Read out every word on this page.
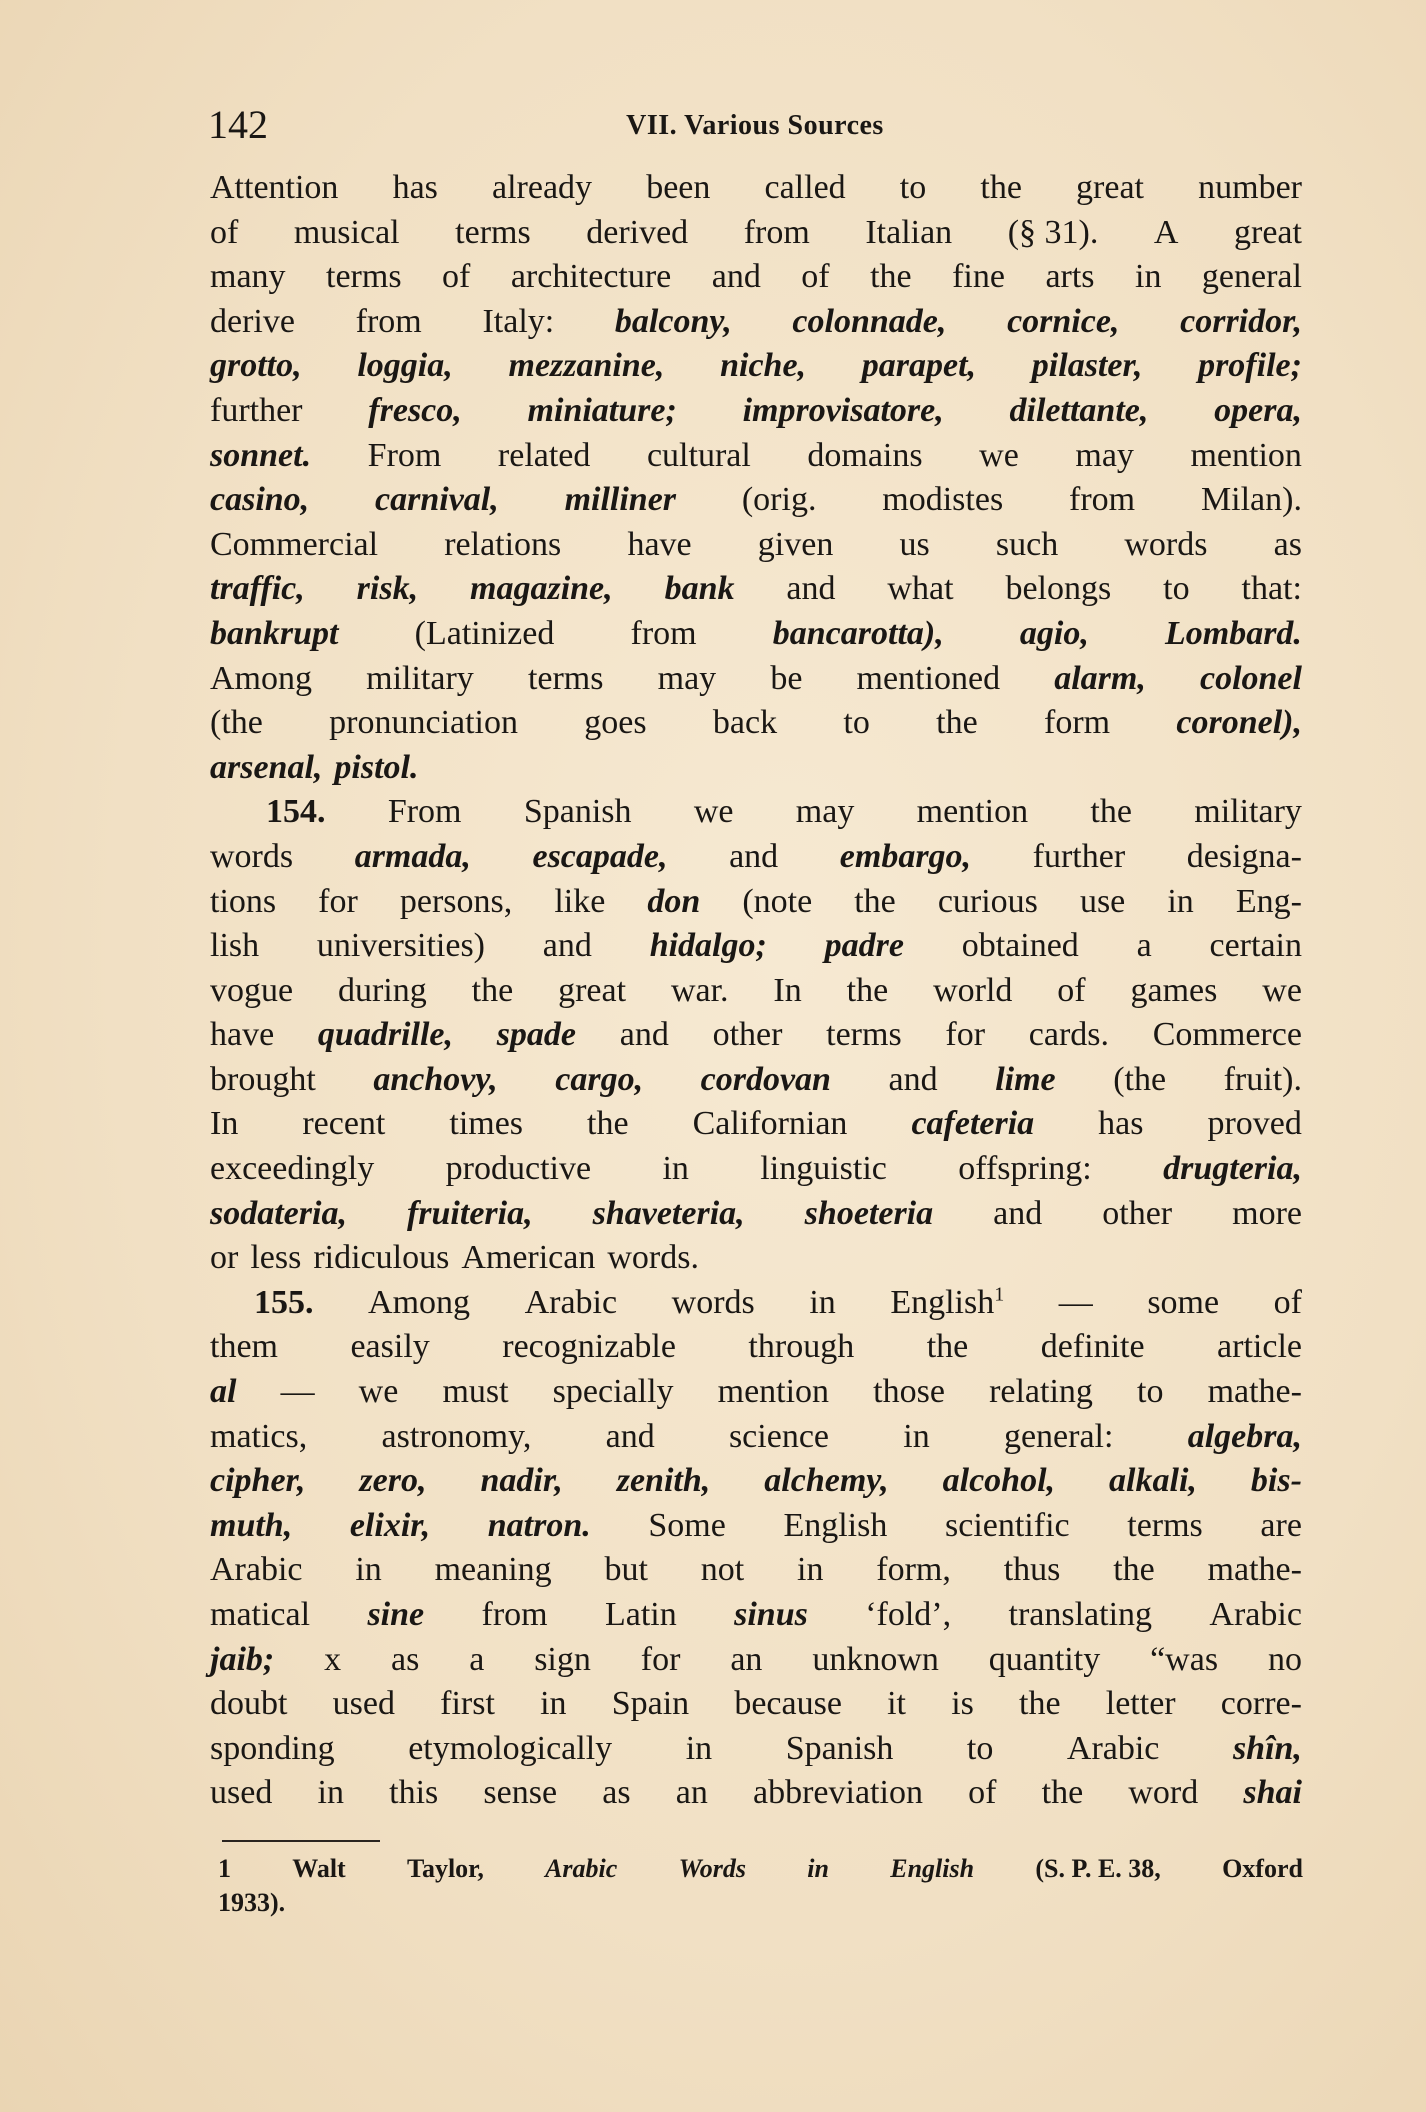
142	VII. Various Sources
Attention has already been called to the great number
of musical terms derived from Italian (§ 31). A great
many terms of architecture and of the fine arts in general
derive from Italy: balcony, colonnade, cornice, corridor,
grotto, loggia, mezzanine, niche, parapet, pilaster, profile;
further fresco, miniature; improvisatore, dilettante, opera,
sonnet. From related cultural domains we may mention
casino, carnival, milliner (orig. modistes from Milan).
Commercial relations have given us such words as
traffic, risk, magazine, bank and what belongs to that:
bankrupt (Latinized from bancarotta), agio, Lombard.
Among military terms may be mentioned alarm, colonel
(the pronunciation goes back to the form coronel),
arsenal, pistol.
154. From Spanish we may mention the military
words armada, escapade, and embargo, further designa-
tions for persons, like don (note the curious use in Eng-
lish universities) and hidalgo; padre obtained a certain
vogue during the great war. In the world of games we
have quadrille, spade and other terms for cards. Commerce
brought anchovy, cargo, cordovan and lime (the fruit).
In recent times the Californian cafeteria has proved
exceedingly productive in linguistic offspring: drugteria,
sodateria, fruiteria, shaveteria, shoeteria and other more
or less ridiculous American words.
155. Among Arabic words in English$^1$ — some of
them easily recognizable through the definite article
al — we must specially mention those relating to mathe-
matics, astronomy, and science in general: algebra,
cipher, zero, nadir, zenith, alchemy, alcohol, alkali, bis-
muth, elixir, natron. Some English scientific terms are
Arabic in meaning but not in form, thus the mathe-
matical sine from Latin sinus ‘fold’, translating Arabic
jaib; x as a sign for an unknown quantity “was no
doubt used first in Spain because it is the letter corre-
sponding etymologically in Spanish to Arabic shîn,
used in this sense as an abbreviation of the word shai
1 Walt Taylor, Arabic Words in English (S. P. E. 38, Oxford
1933).
